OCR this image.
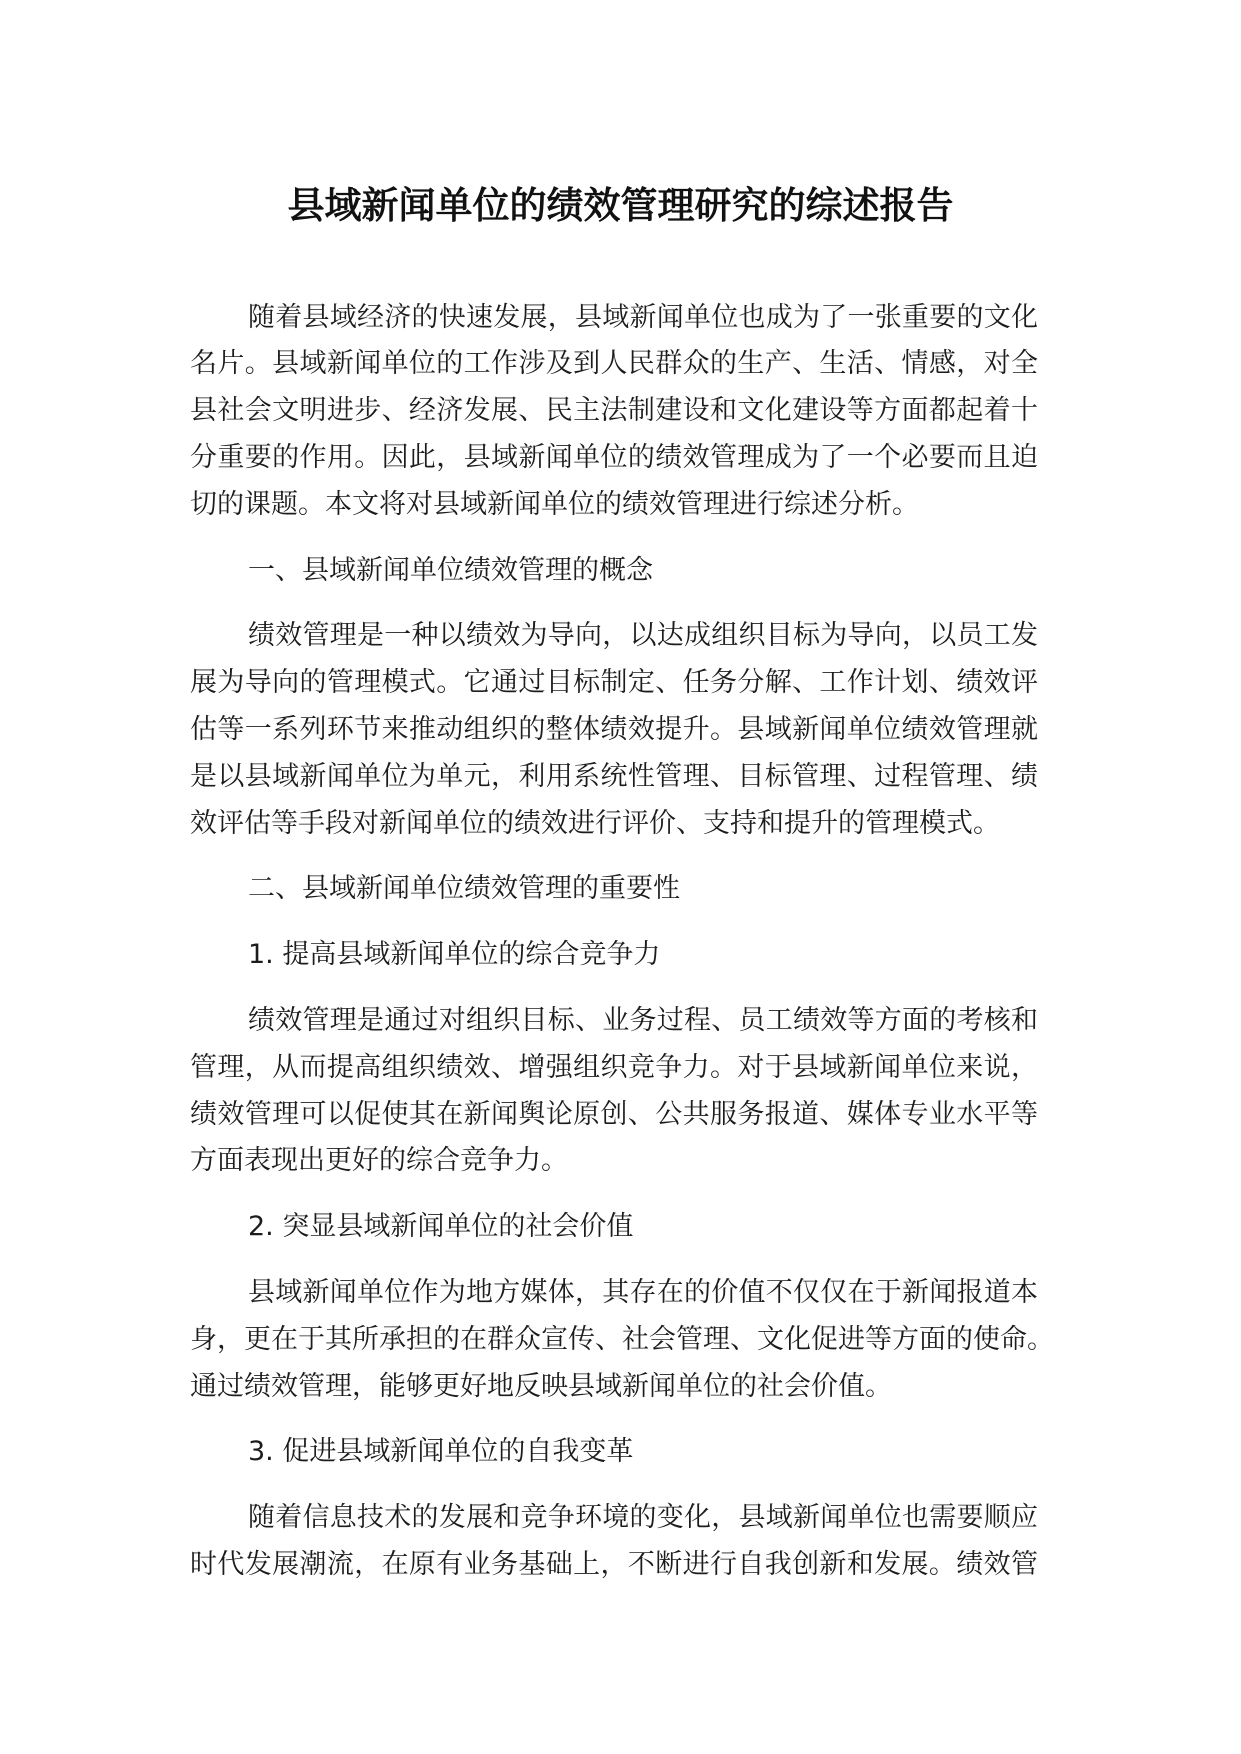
县域新闻单位的绩效管理研究的综述报告
随着县域经济的快速发展，县域新闻单位也成为了一张重要的文化
名片。县域新闻单位的工作涉及到人民群众的生产、生活、情感，对全
县社会文明进步、经济发展、民主法制建设和文化建设等方面都起着十
分重要的作用。因此，县域新闻单位的绩效管理成为了一个必要而且迫
切的课题。本文将对县域新闻单位的绩效管理进行综述分析。
一、县域新闻单位绩效管理的概念
绩效管理是一种以绩效为导向，以达成组织目标为导向，以员工发
展为导向的管理模式。它通过目标制定、任务分解、工作计划、绩效评
估等一系列环节来推动组织的整体绩效提升。县域新闻单位绩效管理就
是以县域新闻单位为单元，利用系统性管理、目标管理、过程管理、绩
效评估等手段对新闻单位的绩效进行评价、支持和提升的管理模式。
二、县域新闻单位绩效管理的重要性
1. 提高县域新闻单位的综合竞争力
绩效管理是通过对组织目标、业务过程、员工绩效等方面的考核和
管理，从而提高组织绩效、增强组织竞争力。对于县域新闻单位来说，
绩效管理可以促使其在新闻舆论原创、公共服务报道、媒体专业水平等
方面表现出更好的综合竞争力。
2. 突显县域新闻单位的社会价值
县域新闻单位作为地方媒体，其存在的价值不仅仅在于新闻报道本
身，更在于其所承担的在群众宣传、社会管理、文化促进等方面的使命。
通过绩效管理，能够更好地反映县域新闻单位的社会价值。
3. 促进县域新闻单位的自我变革
随着信息技术的发展和竞争环境的变化，县域新闻单位也需要顺应
时代发展潮流，在原有业务基础上，不断进行自我创新和发展。绩效管
